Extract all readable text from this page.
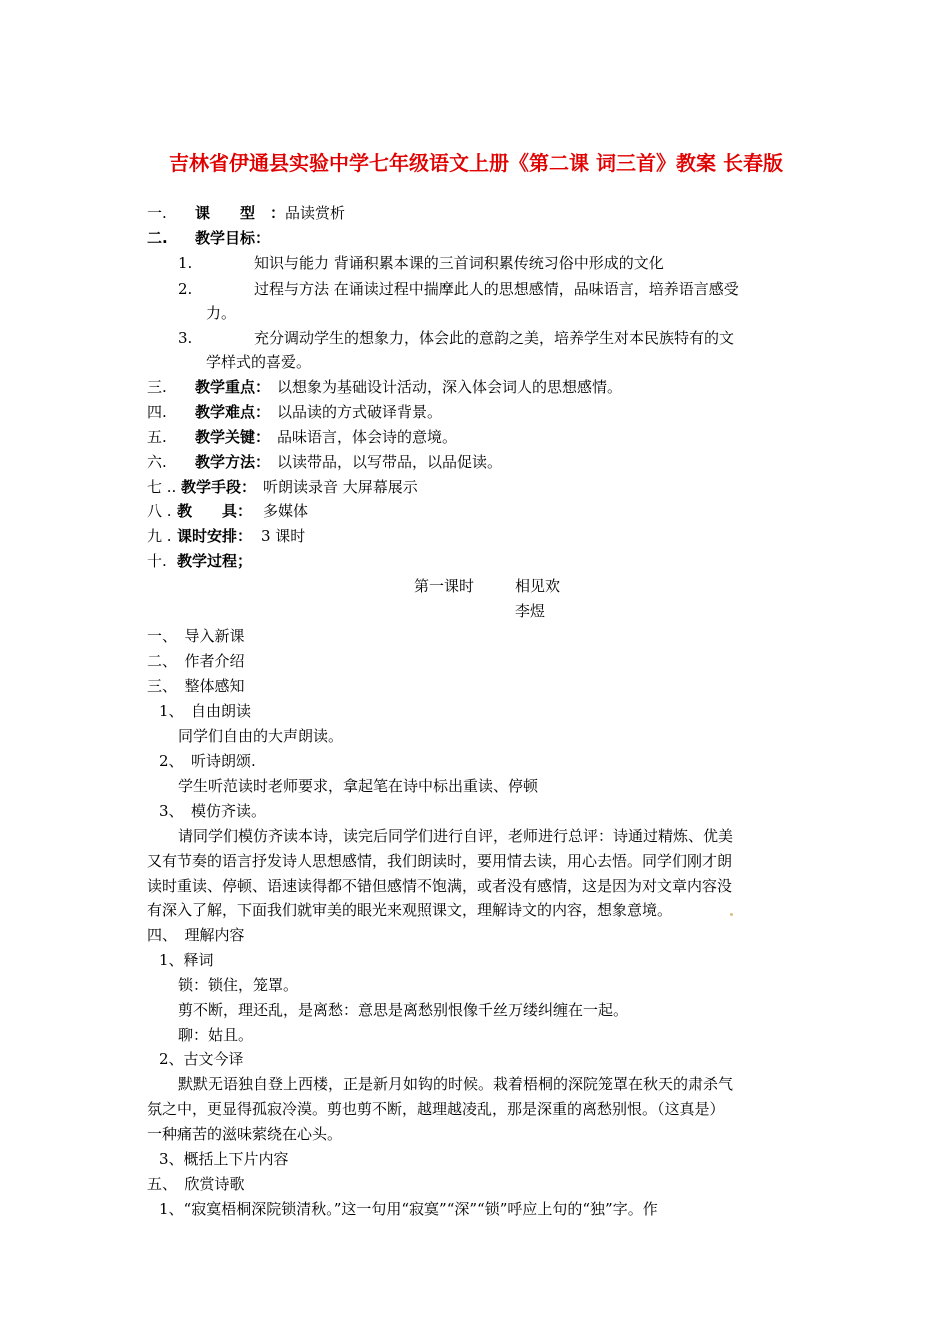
吉林省伊通县实验中学七年级语文上册《第二课 词三首》教案 长春版
一. 课　　型　： 品读赏析
二. 教学目标：
1.	知识与能力 背诵积累本课的三首词积累传统习俗中形成的文化
2.	过程与方法 在诵读过程中揣摩此人的思想感情，品味语言，培养语言感受
力。
3.	充分调动学生的想象力，体会此的意韵之美，培养学生对本民族特有的文
学样式的喜爱。
三. 教学重点： 以想象为基础设计活动，深入体会词人的思想感情。
四. 教学难点： 以品读的方式破译背景。
五. 教学关键： 品味语言，体会诗的意境。
六. 教学方法： 以读带品，以写带品，以品促读。
七 .. 教学手段： 听朗读录音 大屏幕展示
八 . 教　　具： 多媒体
九 . 课时安排： 3 课时
十. 教学过程；
第一课时	相见欢
李煜
一、　导入新课
二、　作者介绍
三、　整体感知
1、　自由朗读
同学们自由的大声朗读。
2、　听诗朗颂.
学生听范读时老师要求，拿起笔在诗中标出重读、停顿
3、　模仿齐读。
请同学们模仿齐读本诗，读完后同学们进行自评，老师进行总评：诗通过精炼、优美
又有节奏的语言抒发诗人思想感情，我们朗读时，要用情去读，用心去悟。同学们刚才朗
读时重读、停顿、语速读得都不错但感情不饱满，或者没有感情，这是因为对文章内容没
有深入了解，下面我们就审美的眼光来观照课文，理解诗文的内容，想象意境。
四、　理解内容
1、释词
锁：锁住，笼罩。
剪不断，理还乱，是离愁：意思是离愁别恨像千丝万缕纠缠在一起。
聊：姑且。
2、古文今译
默默无语独自登上西楼，正是新月如钩的时候。栽着梧桐的深院笼罩在秋天的肃杀气
氛之中，更显得孤寂冷漠。剪也剪不断，越理越凌乱，那是深重的离愁别恨。（这真是）
一种痛苦的滋味萦绕在心头。
3、概括上下片内容
五、　欣赏诗歌
1、“寂寞梧桐深院锁清秋。”这一句用“寂寞”“深”“锁”呼应上句的“独”字。作
